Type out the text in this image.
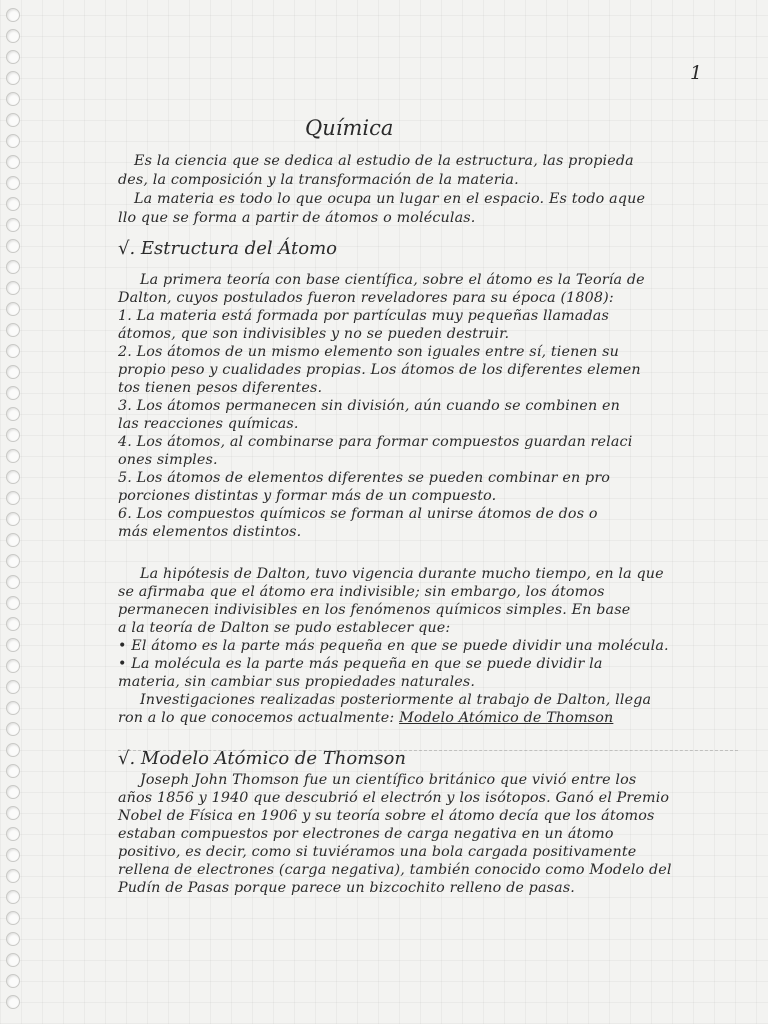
1
Química
Es la ciencia que se dedica al estudio de la estructura, las propieda
des, la composición y la transformación de la materia.
La materia es todo lo que ocupa un lugar en el espacio. Es todo aque
llo que se forma a partir de átomos o moléculas.
√. Estructura del Átomo
La primera teoría con base científica, sobre el átomo es la Teoría de
Dalton, cuyos postulados fueron reveladores para su época (1808):
1. La materia está formada por partículas muy pequeñas llamadas
átomos, que son indivisibles y no se pueden destruir.
2. Los átomos de un mismo elemento son iguales entre sí, tienen su
propio peso y cualidades propias. Los átomos de los diferentes elemen
tos tienen pesos diferentes.
3. Los átomos permanecen sin división, aún cuando se combinen en
las reacciones químicas.
4. Los átomos, al combinarse para formar compuestos guardan relaci
ones simples.
5. Los átomos de elementos diferentes se pueden combinar en pro
porciones distintas y formar más de un compuesto.
6. Los compuestos químicos se forman al unirse átomos de dos o
más elementos distintos.
La hipótesis de Dalton, tuvo vigencia durante mucho tiempo, en la que
se afirmaba que el átomo era indivisible; sin embargo, los átomos
permanecen indivisibles en los fenómenos químicos simples. En base
a la teoría de Dalton se pudo establecer que:
• El átomo es la parte más pequeña en que se puede dividir una molécula.
• La molécula es la parte más pequeña en que se puede dividir la
materia, sin cambiar sus propiedades naturales.
Investigaciones realizadas posteriormente al trabajo de Dalton, llega
ron a lo que conocemos actualmente: Modelo Atómico de Thomson
√. Modelo Atómico de Thomson
Joseph John Thomson fue un científico británico que vivió entre los
años 1856 y 1940 que descubrió el electrón y los isótopos. Ganó el Premio
Nobel de Física en 1906 y su teoría sobre el átomo decía que los átomos
estaban compuestos por electrones de carga negativa en un átomo
positivo, es decir, como si tuviéramos una bola cargada positivamente
rellena de electrones (carga negativa), también conocido como Modelo del
Pudín de Pasas porque parece un bizcochito relleno de pasas.
